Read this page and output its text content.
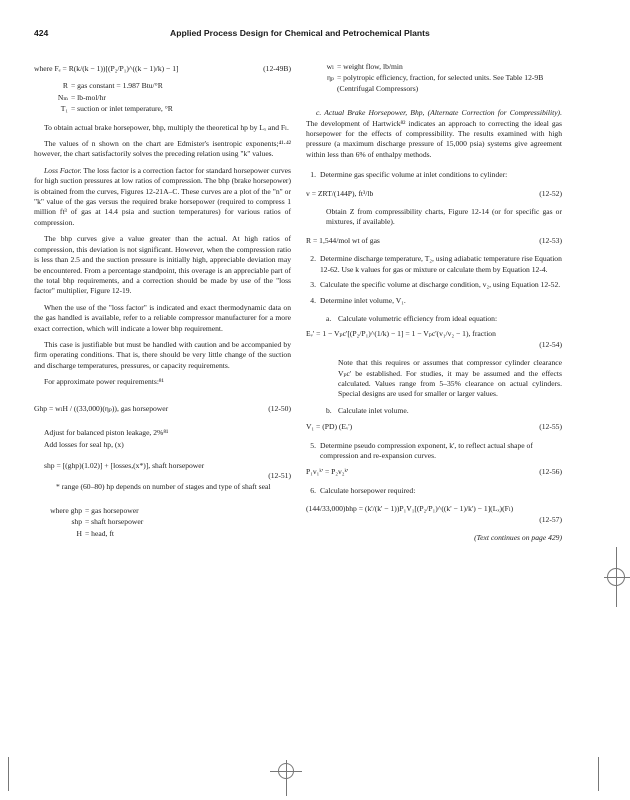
424	Applied Process Design for Chemical and Petrochemical Plants
where Fₑ = R(k/(k − 1))[(P₂/P₁)^((k − 1)/k) − 1]	(12-49B)
R = gas constant = 1.987 Btu/°R
Nₘ = lb-mol/hr
T₁ = suction or inlet temperature, °R

To obtain actual brake horsepower, bhp, multiply the theoretical hp by Lₓ and Fₗ.

The values of n shown on the chart are Edmister's isentropic exponents;⁴¹·⁴² however, the chart satisfactorily solves the preceding relation using "k" values.

Loss Factor. The loss factor is a correction factor for standard horsepower curves for high suction pressures at low ratios of compression. The bhp (brake horsepower) is obtained from the curves, Figures 12-21A–C. These curves are a plot of the "n" or "k" value of the gas versus the required brake horsepower (required to compress 1 million ft³ of gas at 14.4 psia and suction temperatures) for various ratios of compression.

The bhp curves give a value greater than the actual. At high ratios of compression, this deviation is not significant. However, when the compression ratio is less than 2.5 and the suction pressure is initially high, appreciable deviation may be encountered. From a percentage standpoint, this overage is an appreciable part of the total bhp requirements, and a correction should be made by use of the "loss factor" multiplier, Figure 12-19.

When the use of the "loss factor" is indicated and exact thermodynamic data on the gas handled is available, refer to a reliable compressor manufacturer for a more exact correction, which will indicate a lower bhp requirement.

This case is justifiable but must be handled with caution and be accompanied by firm operating conditions. That is, there should be very little change of the suction and discharge temperatures, pressures, or capacity requirements.

For approximate power requirements:⁸¹

Ghp = wₗH / ((33,000)(ηₚ)), gas horsepower	(12-50)

Adjust for balanced piston leakage, 2%⁸¹

Add losses for seal hp, (x)

shp = [(ghp)(1.02)] + [losses,(x*)], shaft horsepower
(12-51)
* range (60–80) hp depends on number of stages and type of shaft seal
where ghp = gas horsepower
shp = shaft horsepower
H = head, ft
wₗ = weight flow, lb/min
ηₚ = polytropic efficiency, fraction, for selected units. See Table 12-9B (Centrifugal Compressors)

c. Actual Brake Horsepower, Bhp, (Alternate Correction for Compressibility). The development of Hartwick⁸² indicates an approach to correcting the ideal gas horsepower for the effects of compressibility. The results examined with high pressure (a maximum discharge pressure of 15,000 psia) systems give agreement within less than 6% of enthalpy methods.

1. Determine gas specific volume at inlet conditions to cylinder:
v = ZRT/(144P), ft³/lb	(12-52)
Obtain Z from compressibility charts, Figure 12-14 (or for specific gas or mixtures, if available).
R = 1,544/mol wt of gas	(12-53)
2. Determine discharge temperature, T₂, using adiabatic temperature rise Equation 12-62. Use k values for gas or mixture or calculate them by Equation 12-4.
3. Calculate the specific volume at discharge condition, v₂, using Equation 12-52.
4. Determine inlet volume, V₁.
a. Calculate volumetric efficiency from ideal equation:
Eᵥ' = 1 − Vₚc'[(P₂/P₁)^(1/k) − 1] = 1 − Vₚc'(v₁/v₂ − 1), fraction
(12-54)
Note that this requires or assumes that compressor cylinder clearance Vₚc' be established. For studies, it may be assumed and the effects calculated. Values range from 5–35% clearance on actual cylinders. Special designs are used for smaller or larger values.
b. Calculate inlet volume.
V₁ = (PD) (Eᵥ')	(12-55)
5. Determine pseudo compression exponent, k', to reflect actual shape of compression and re-expansion curves.
P₁v₁ᵏ' = P₂v₂ᵏ'	(12-56)
6. Calculate horsepower required:
(144/33,000)bhp = (k'/(k' − 1))P₁V₁[(P₂/P₁)^((k' − 1)/k') − 1](Lₓ)(Fₗ)
(12-57)
(Text continues on page 429)
